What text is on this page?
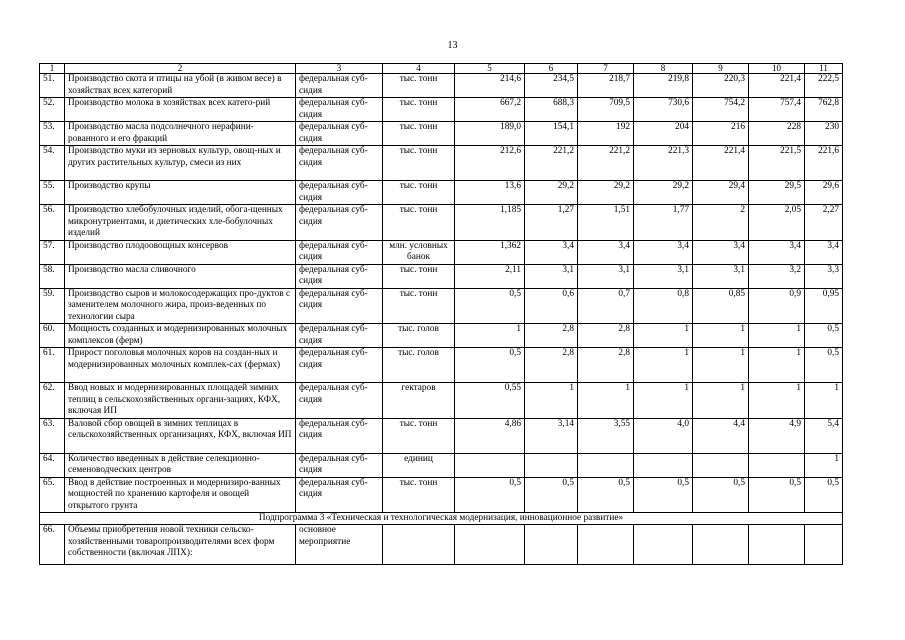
13
1	2	3	4	5	6	7	8	9	10	11
51.	Производство скота и птицы на убой (в живом весе) в хозяйствах всех категорий	федеральная суб-сидия	тыс. тонн	214,6	234,5	218,7	219,8	220,3	221,4	222,5
52.	Производство молока в хозяйствах всех катего-рий	федеральная суб-сидия	тыс. тонн	667,2	688,3	709,5	730,6	754,2	757,4	762,8
53.	Производство масла подсолнечного нерафини-рованного и его фракций	федеральная суб-сидия	тыс. тонн	189,0	154,1	192	204	216	228	230
54.	Производство муки из зерновых культур, овощ-ных и других растительных культур, смеси из них	федеральная суб-сидия	тыс. тонн	212,6	221,2	221,2	221,3	221,4	221,5	221,6
55.	Производство крупы	федеральная суб-сидия	тыс. тонн	13,6	29,2	29,2	29,2	29,4	29,5	29,6
56.	Производство хлебобулочных изделий, обога-щенных микронутриентами, и диетических хле-бобулочных изделий	федеральная суб-сидия	тыс. тонн	1,185	1,27	1,51	1,77	2	2,05	2,27
57.	Производство плодоовощных консервов	федеральная суб-сидия	млн. условных банок	1,362	3,4	3,4	3,4	3,4	3,4	3,4
58.	Производство масла сливочного	федеральная суб-сидия	тыс. тонн	2,11	3,1	3,1	3,1	3,1	3,2	3,3
59.	Производство сыров и молокосодержащих про-дуктов с заменителем молочного жира, произ-веденных по технологии сыра	федеральная суб-сидия	тыс. тонн	0,5	0,6	0,7	0,8	0,85	0,9	0,95
60.	Мощность созданных и модернизированных молочных комплексов (ферм)	федеральная суб-сидия	тыс. голов	1	2,8	2,8	1	1	1	0,5
61.	Прирост поголовья молочных коров на создан-ных и модернизированных молочных комплек-сах (фермах)	федеральная суб-сидия	тыс. голов	0,5	2,8	2,8	1	1	1	0,5
62.	Ввод новых и модернизированных площадей зимних теплиц в сельскохозяйственных органи-зациях, КФХ, включая ИП	федеральная суб-сидия	гектаров	0,55	1	1	1	1	1	1
63.	Валовой сбор овощей в зимних теплицах в сельскохозяйственных организациях, КФХ, включая ИП	федеральная суб-сидия	тыс. тонн	4,86	3,14	3,55	4,0	4,4	4,9	5,4
64.	Количество введенных в действие селекционно-семеноводческих центров	федеральная суб-сидия	единиц							1
65.	Ввод в действие построенных и модернизиро-ванных мощностей по хранению картофеля и овощей открытого грунта	федеральная суб-сидия	тыс. тонн	0,5	0,5	0,5	0,5	0,5	0,5	0,5
Подпрограмма 3 «Техническая и технологическая модернизация, инновационное развитие»										
66.	Объемы приобретения новой техники сельско-хозяйственными товаропроизводителями всех форм собственности (включая ЛПХ):	основное мероприятие								
